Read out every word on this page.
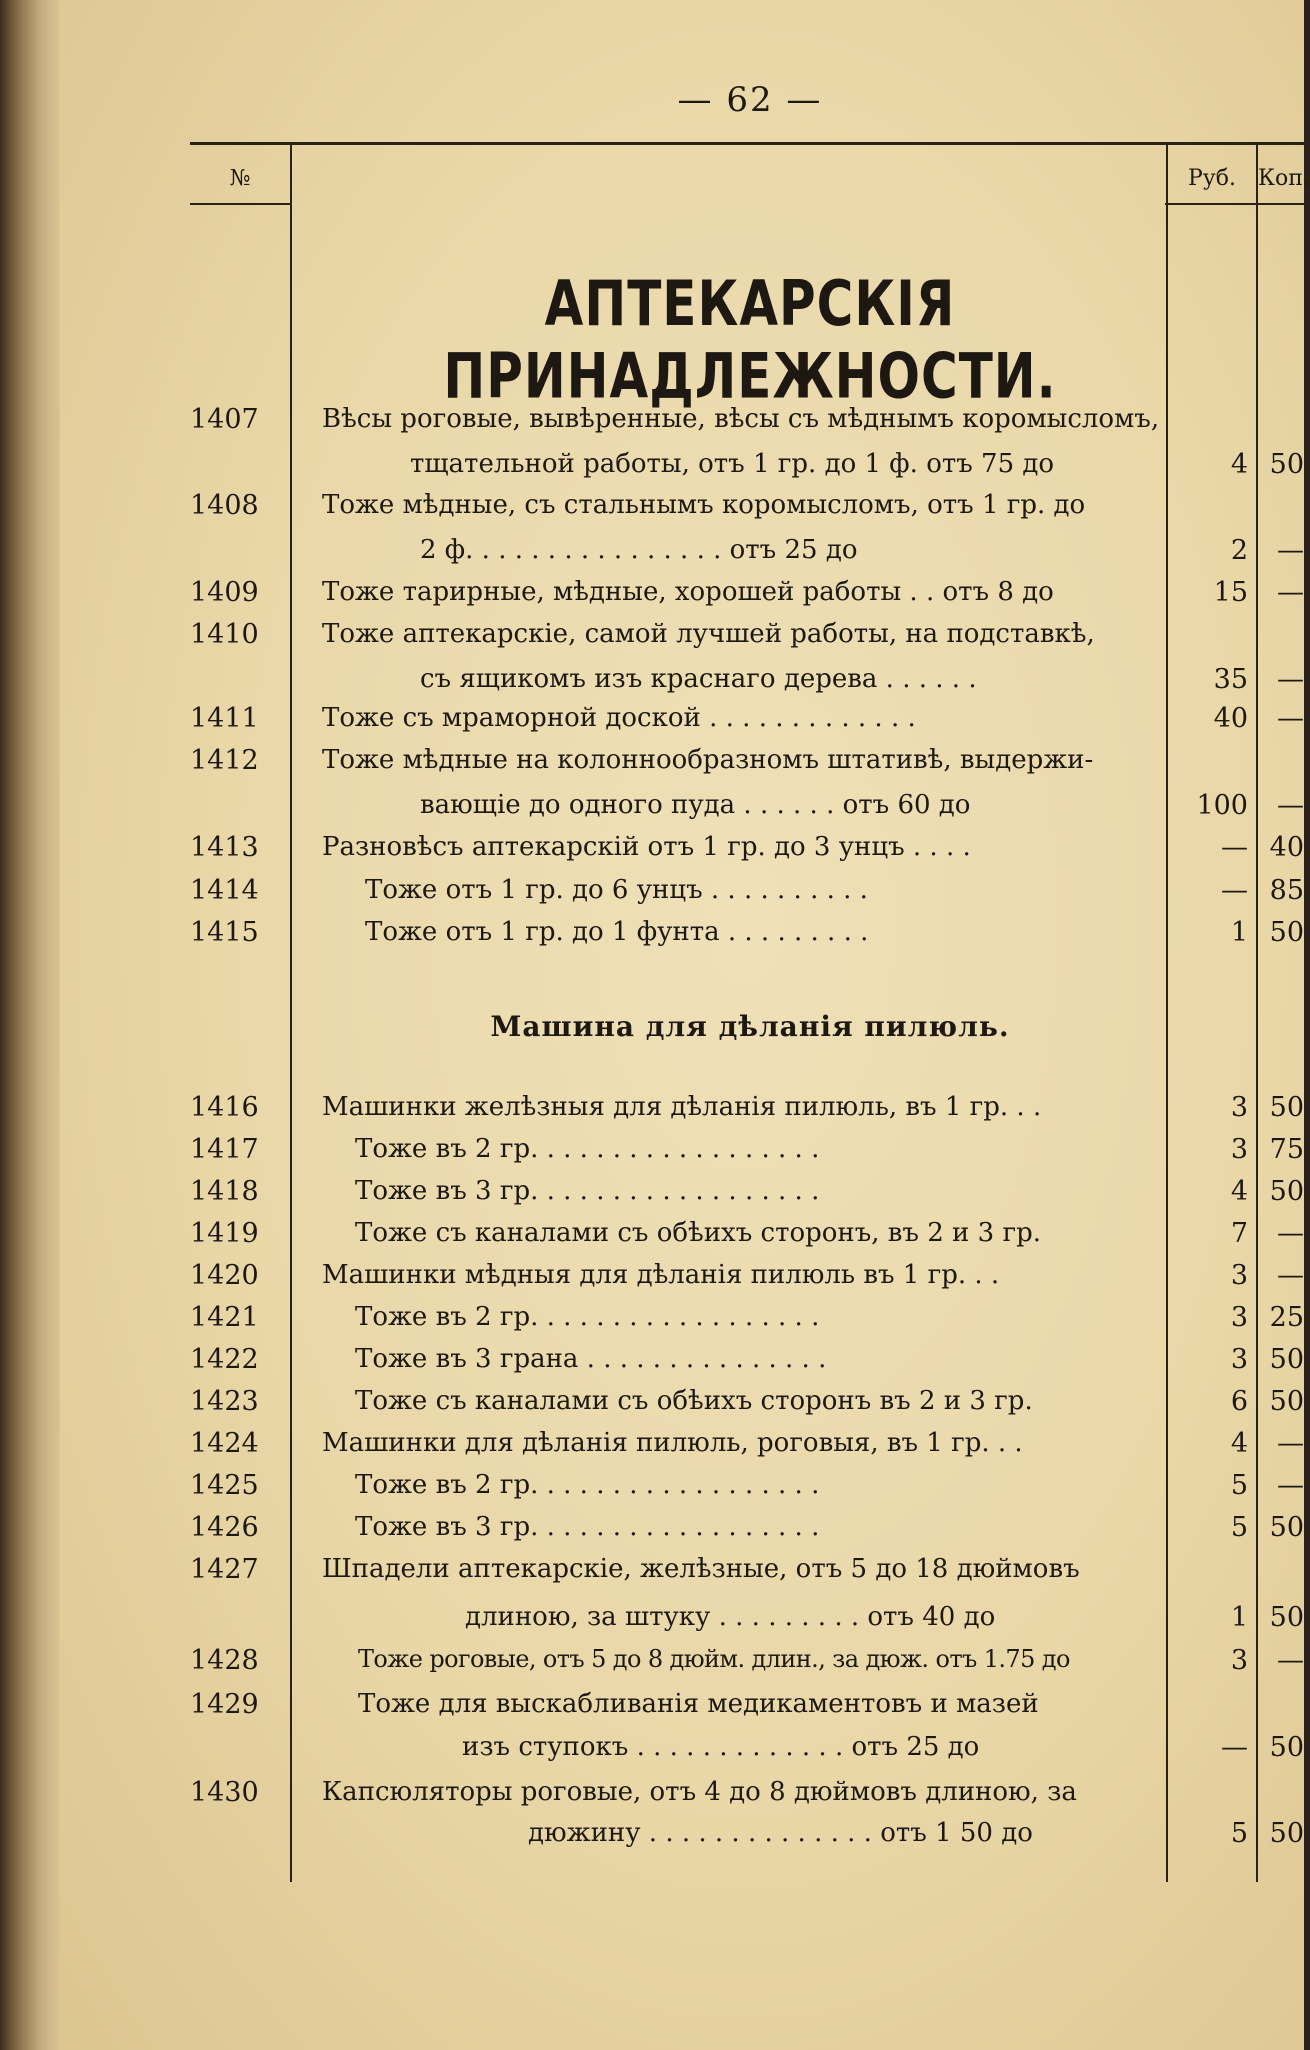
— 62 —
№	Руб.	Коп.
АПТЕКАРСКІЯ ПРИНАДЛЕЖНОСТИ.
Машина для дѣланія пилюль.
1407	Вѣсы роговые, вывѣренные, вѣсы съ мѣднымъ коромысломъ,
тщательной работы, отъ 1 гр. до 1 ф. отъ 75 до	4 50
1408	Тоже мѣдные, съ стальнымъ коромысломъ, отъ 1 гр. до
2 ф. . . . . . . . . . . . . . . . отъ 25 до	2	—
1409	Тоже тарирные, мѣдные, хорошей работы . . отъ 8 до	15	—
1410	Тоже аптекарскіе, самой лучшей работы, на подставкѣ,
съ ящикомъ изъ краснаго дерева . . . . . .	35	—
1411	Тоже съ мраморной доской . . . . . . . . . . . . .	40	—
1412	Тоже мѣдные на колоннообразномъ штативѣ, выдержи-
вающіе до одного пуда . . . . . . отъ 60 до	100	—
1413	Разновѣсъ аптекарскій отъ 1 гр. до 3 унцъ . . . .	— 40
1414	Тоже отъ 1 гр. до 6 унцъ . . . . . . . . . .	— 85
1415	Тоже отъ 1 гр. до 1 фунта . . . . . . . . .	1 50
1416	Машинки желѣзныя для дѣланія пилюль, въ 1 гр. . .	3 50
1417	Тоже въ 2 гр. . . . . . . . . . . . . . . . . .	3 75
1418	Тоже въ 3 гр. . . . . . . . . . . . . . . . . .	4 50
1419	Тоже съ каналами съ обѣихъ сторонъ, въ 2 и 3 гр.	7	—
1420	Машинки мѣдныя для дѣланія пилюль въ 1 гр. . .	3	—
1421	Тоже въ 2 гр. . . . . . . . . . . . . . . . . .	3 25
1422	Тоже въ 3 грана . . . . . . . . . . . . . . .	3 50
1423	Тоже съ каналами съ обѣихъ сторонъ въ 2 и 3 гр.	6 50
1424	Машинки для дѣланія пилюль, роговыя, въ 1 гр. . .	4	—
1425	Тоже въ 2 гр. . . . . . . . . . . . . . . . . .	5	—
1426	Тоже въ 3 гр. . . . . . . . . . . . . . . . . .	5 50
1427	Шпадели аптекарскіе, желѣзные, отъ 5 до 18 дюймовъ
длиною, за штуку . . . . . . . . . отъ 40 до	1 50
1428	Тоже роговые, отъ 5 до 8 дюйм. длин., за дюж. отъ 1.75 до	3	—
1429	Тоже для выскабливанія медикаментовъ и мазей
изъ ступокъ . . . . . . . . . . . . . отъ 25 до	— 50
1430	Капсюляторы роговые, отъ 4 до 8 дюймовъ длиною, за
дюжину . . . . . . . . . . . . . . отъ 1 50 до	5 50
